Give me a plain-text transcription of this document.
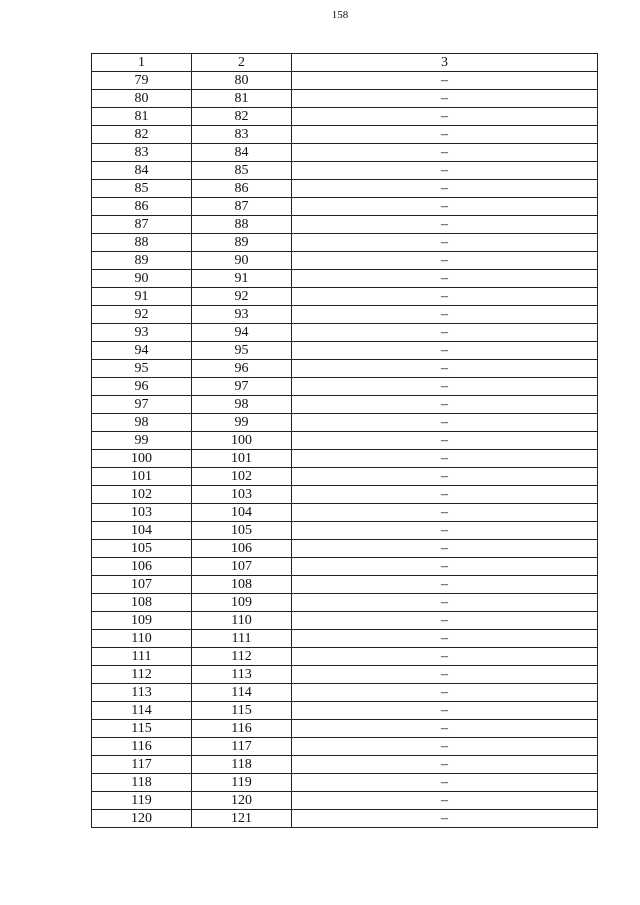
158
1	2	3
79	80	–
80	81	–
81	82	–
82	83	–
83	84	–
84	85	–
85	86	–
86	87	–
87	88	–
88	89	–
89	90	–
90	91	–
91	92	–
92	93	–
93	94	–
94	95	–
95	96	–
96	97	–
97	98	–
98	99	–
99	100	–
100	101	–
101	102	–
102	103	–
103	104	–
104	105	–
105	106	–
106	107	–
107	108	–
108	109	–
109	110	–
110	111	–
111	112	–
112	113	–
113	114	–
114	115	–
115	116	–
116	117	–
117	118	–
118	119	–
119	120	–
120	121	–
